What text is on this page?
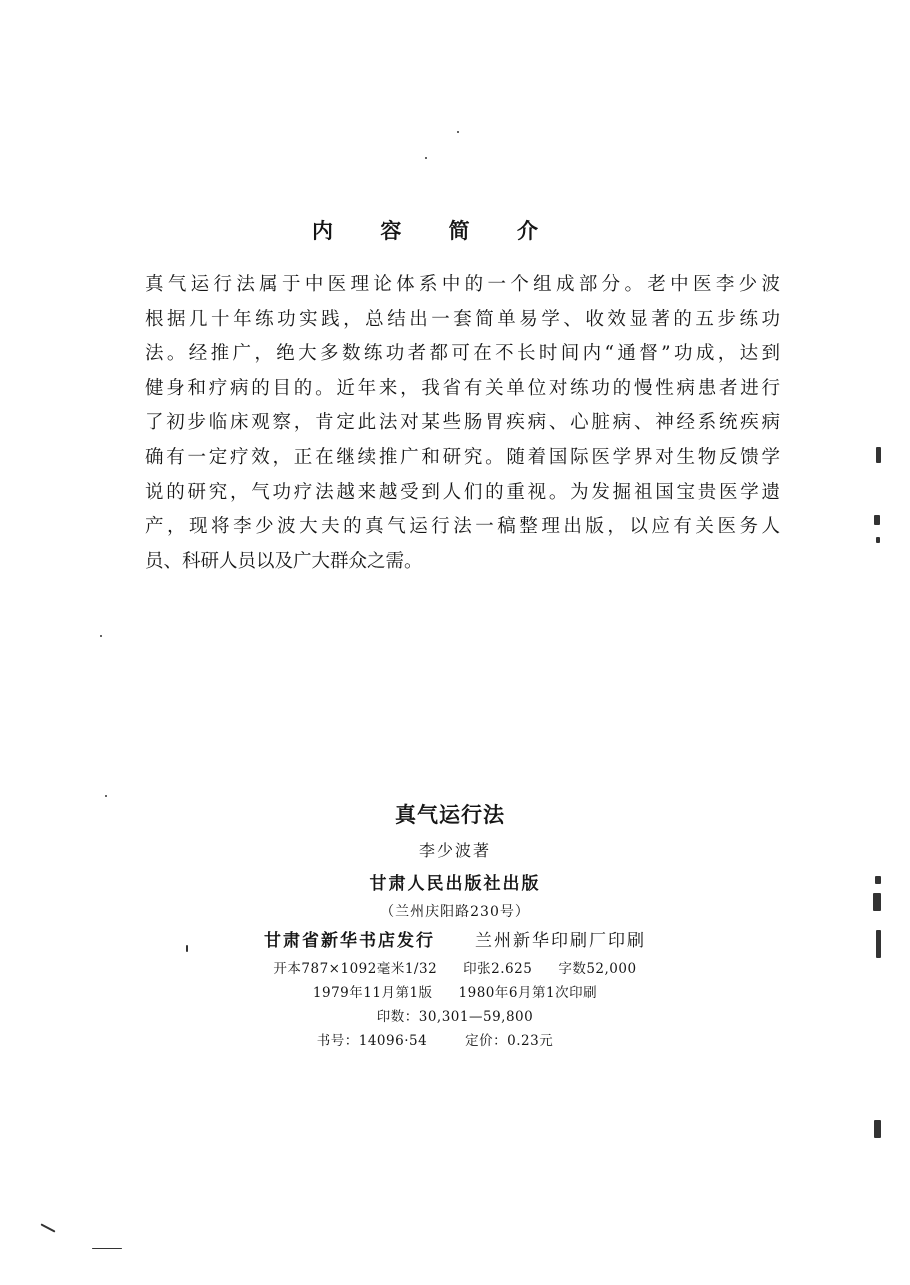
内 容 简 介
真气运行法属于中医理论体系中的一个组成部分。老中医李少波
根据几十年练功实践，总结出一套简单易学、收效显著的五步练功
法。经推广，绝大多数练功者都可在不长时间内“通督”功成，达到
健身和疗病的目的。近年来，我省有关单位对练功的慢性病患者进行
了初步临床观察，肯定此法对某些肠胃疾病、心脏病、神经系统疾病
确有一定疗效，正在继续推广和研究。随着国际医学界对生物反馈学
说的研究，气功疗法越来越受到人们的重视。为发掘祖国宝贵医学遗
产，现将李少波大夫的真气运行法一稿整理出版，以应有关医务人
员、科研人员以及广大群众之需。
真气运行法
李少波著
甘肃人民出版社出版
（兰州庆阳路230号）
甘肃省新华书店发行 兰州新华印刷厂印刷
开本787×1092毫米1/32 印张2.625 字数52,000
1979年11月第1版 1980年6月第1次印刷
印数：30,301—59,800
书号：14096·54	定价：0.23元
